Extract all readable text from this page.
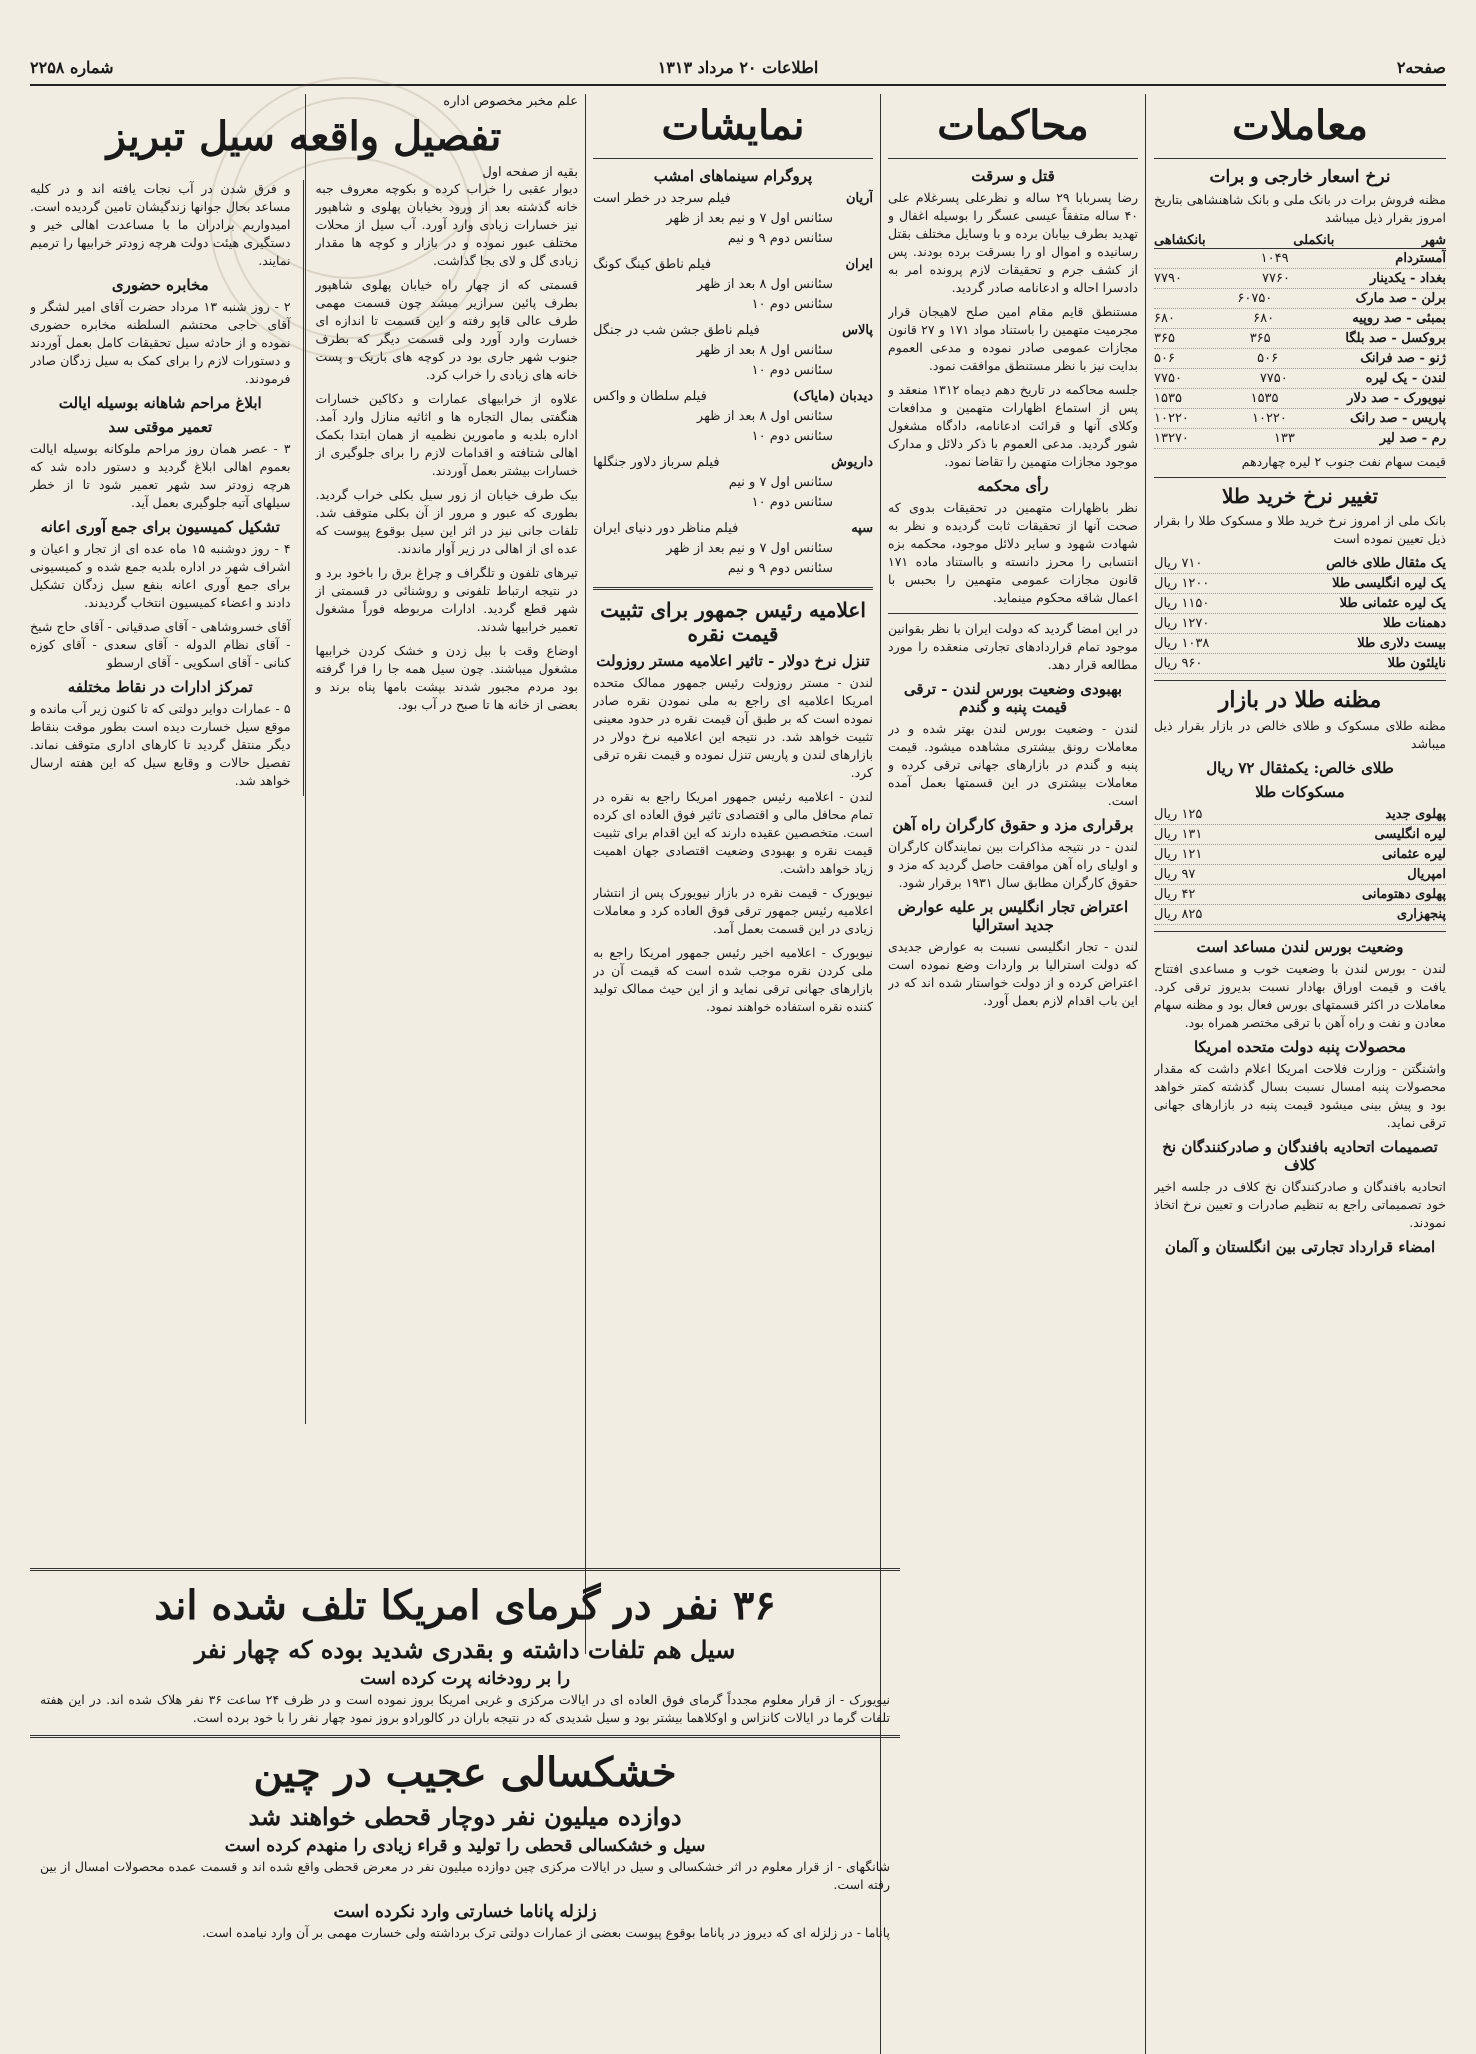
صفحه۲
اطلاعات ۲۰ مرداد ۱۳۱۳
شماره ۲۲۵۸
معاملات
نرخ اسعار خارجی و برات
مظنه فروش برات در بانک ملی و بانک شاهنشاهی بتاریخ امروز بقرار ذیل میباشد
شهر
بانکملی
بانکشاهی
آمستردام
۱۰۴۹
بغداد - یکدینار
۷۷۶۰
۷۷۹۰
برلن - صد مارک
۶۰۷۵۰
بمبئی - صد روپیه
۶۸۰
۶۸۰
بروکسل - صد بلگا
۳۶۵
۳۶۵
ژنو - صد فرانک
۵۰۶
۵۰۶
لندن - یک لیره
۷۷۵۰
۷۷۵۰
نیویورک - صد دلار
۱۵۳۵
۱۵۳۵
پاریس - صد رانک
۱۰۲۲۰
۱۰۲۲۰
رم - صد لیر
۱۳۳
۱۳۲۷۰
قیمت سهام نفت جنوب ۲ لیره چهاردهم
تغییر نرخ خرید طلا
بانک ملی از امروز نرخ خرید طلا و مسکوک طلا را بقرار ذیل تعیین نموده است
یک مثقال طلای خالص
۷۱۰ ریال
یک لیره انگلیسی طلا
۱۲۰۰ ریال
یک لیره عثمانی طلا
۱۱۵۰ ریال
دهمنات طلا
۱۲۷۰ ریال
بیست دلاری طلا
۱۰۳۸ ریال
نایلئون طلا
۹۶۰ ریال
مظنه طلا در بازار
مظنه طلای مسکوک و طلای خالص در بازار بقرار ذیل میباشد
طلای خالص: یکمثقال ۷۲ ریال
مسکوکات طلا
پهلوی جدید
۱۲۵ ریال
لیره انگلیسی
۱۳۱ ریال
لیره عثمانی
۱۲۱ ریال
امپریال
۹۷ ریال
پهلوی دهتومانی
۴۲ ریال
پنجهزاری
۸۲۵ ریال
وضعیت بورس لندن مساعد است
لندن - بورس لندن با وضعیت خوب و مساعدی افتتاح یافت و قیمت اوراق بهادار نسبت بدیروز ترقی کرد. معاملات در اکثر قسمتهای بورس فعال بود و مظنه سهام معادن و نفت و راه آهن با ترقی مختصر همراه بود.
محصولات پنبه دولت متحده امریکا
واشنگتن - وزارت فلاحت امریکا اعلام داشت که مقدار محصولات پنبه امسال نسبت بسال گذشته کمتر خواهد بود و پیش بینی میشود قیمت پنبه در بازارهای جهانی ترقی نماید.
تصمیمات اتحادیه بافندگان و صادرکنندگان نخ کلاف
اتحادیه بافندگان و صادرکنندگان نخ کلاف در جلسه اخیر خود تصمیماتی راجع به تنظیم صادرات و تعیین نرخ اتخاذ نمودند.
امضاء قرارداد تجارتی بین انگلستان و آلمان
محاکمات
قتل و سرقت
رضا پسربابا ۲۹ ساله و نظرعلی پسرغلام علی ۴۰ ساله متفقاً عیسی عسگر را بوسیله اغفال و تهدید بطرف بیابان برده و با وسایل مختلف بقتل رسانیده و اموال او را بسرقت برده بودند. پس از کشف جرم و تحقیقات لازم پرونده امر به دادسرا احاله و ادعانامه صادر گردید.
مستنطق قایم مقام امین صلح لاهیجان قرار مجرمیت متهمین را باستناد مواد ۱۷۱ و ۲۷ قانون مجازات عمومی صادر نموده و مدعی العموم بدایت نیز با نظر مستنطق موافقت نمود.
جلسه محاکمه در تاریخ دهم دیماه ۱۳۱۲ منعقد و پس از استماع اظهارات متهمین و مدافعات وکلای آنها و قرائت ادعانامه، دادگاه مشغول شور گردید. مدعی العموم با ذکر دلائل و مدارک موجود مجازات متهمین را تقاضا نمود.
رأی محکمه
نظر باظهارات متهمین در تحقیقات بدوی که صحت آنها از تحقیقات ثابت گردیده و نظر به شهادت شهود و سایر دلائل موجود، محکمه بزه انتسابی را محرز دانسته و بااستناد ماده ۱۷۱ قانون مجازات عمومی متهمین را بحبس با اعمال شاقه محکوم مینماید.
در این امضا گردید که دولت ایران با نظر بقوانین موجود تمام قراردادهای تجارتی منعقده را مورد مطالعه قرار دهد.
بهبودی وضعیت بورس لندن - ترقی قیمت پنبه و گندم
لندن - وضعیت بورس لندن بهتر شده و در معاملات رونق بیشتری مشاهده میشود. قیمت پنبه و گندم در بازارهای جهانی ترقی کرده و معاملات بیشتری در این قسمتها بعمل آمده است.
برقراری مزد و حقوق کارگران راه آهن
لندن - در نتیجه مذاکرات بین نمایندگان کارگران و اولیای راه آهن موافقت حاصل گردید که مزد و حقوق کارگران مطابق سال ۱۹۳۱ برقرار شود.
اعتراض تجار انگلیس بر علیه عوارض جدید استرالیا
لندن - تجار انگلیسی نسبت به عوارض جدیدی که دولت استرالیا بر واردات وضع نموده است اعتراض کرده و از دولت خواستار شده اند که در این باب اقدام لازم بعمل آورد.
نمایشات
پروگرام سینماهای امشب
آریان
فیلم سرجد در خطر است
سئانس اول ۷ و نیم بعد از ظهر
سئانس دوم ۹ و نیم
ایران
فیلم ناطق کینگ کونگ
سئانس اول ۸ بعد از ظهر
سئانس دوم ۱۰
پالاس
فیلم ناطق جشن شب در جنگل
سئانس اول ۸ بعد از ظهر
سئانس دوم ۱۰
دیدبان (مایاک)
فیلم سلطان و واکس
سئانس اول ۸ بعد از ظهر
سئانس دوم ۱۰
داریوش
فیلم سرباز دلاور جنگلها
سئانس اول ۷ و نیم
سئانس دوم ۱۰
سپه
فیلم مناظر دور دنیای ایران
سئانس اول ۷ و نیم بعد از ظهر
سئانس دوم ۹ و نیم
اعلامیه رئیس جمهور برای تثبیت قیمت نقره
تنزل نرخ دولار - تاثیر اعلامیه مستر روزولت
لندن - مستر روزولت رئیس جمهور ممالک متحده امریکا اعلامیه ای راجع به ملی نمودن نقره صادر نموده است که بر طبق آن قیمت نقره در حدود معینی تثبیت خواهد شد. در نتیجه این اعلامیه نرخ دولار در بازارهای لندن و پاریس تنزل نموده و قیمت نقره ترقی کرد.
لندن - اعلامیه رئیس جمهور امریکا راجع به نقره در تمام محافل مالی و اقتصادی تاثیر فوق العاده ای کرده است. متخصصین عقیده دارند که این اقدام برای تثبیت قیمت نقره و بهبودی وضعیت اقتصادی جهان اهمیت زیاد خواهد داشت.
نیویورک - قیمت نقره در بازار نیویورک پس از انتشار اعلامیه رئیس جمهور ترقی فوق العاده کرد و معاملات زیادی در این قسمت بعمل آمد.
نیویورک - اعلامیه اخیر رئیس جمهور امریکا راجع به ملی کردن نقره موجب شده است که قیمت آن در بازارهای جهانی ترقی نماید و از این حیث ممالک تولید کننده نقره استفاده خواهند نمود.
علم مخبر مخصوص اداره
تفصیل واقعه سیل تبریز
بقیه از صفحه اول
دیوار عقبی را خراب کرده و بکوچه معروف جبه خانه گذشته بعد از ورود بخیابان پهلوی و شاهپور نیز خسارات زیادی وارد آورد. آب سیل از محلات مختلف عبور نموده و در بازار و کوچه ها مقدار زیادی گل و لای بجا گذاشت.
قسمتی که از چهار راه خیابان پهلوی شاهپور بطرف پائین سرازیر میشد چون قسمت مهمی طرف عالی قاپو رفته و این قسمت تا اندازه ای خسارت وارد آورد ولی قسمت دیگر که بطرف جنوب شهر جاری بود در کوچه های باریک و پست خانه های زیادی را خراب کرد.
علاوه از خرابیهای عمارات و دکاکین خسارات هنگفتی بمال التجاره ها و اثاثیه منازل وارد آمد. اداره بلدیه و مامورین نظمیه از همان ابتدا بکمک اهالی شتافته و اقدامات لازم را برای جلوگیری از خسارات بیشتر بعمل آوردند.
بیک طرف خیابان از زور سیل بکلی خراب گردید. بطوری که عبور و مرور از آن بکلی متوقف شد. تلفات جانی نیز در اثر این سیل بوقوع پیوست که عده ای از اهالی در زیر آوار ماندند.
تیرهای تلفون و تلگراف و چراغ برق را باخود برد و در نتیجه ارتباط تلفونی و روشنائی در قسمتی از شهر قطع گردید. ادارات مربوطه فوراً مشغول تعمیر خرابیها شدند.
اوضاع وقت با بیل زدن و خشک کردن خرابیها مشغول میباشند. چون سیل همه جا را فرا گرفته بود مردم مجبور شدند بپشت بامها پناه برند و بعضی از خانه ها تا صبح در آب بود.
و فرق شدن در آب نجات یافته اند و در کلیه مساعد بحال جوانها زندگیشان تامین گردیده است. امیدواریم برادران ما با مساعدت اهالی خیر و دستگیری هیئت دولت هرچه زودتر خرابیها را ترمیم نمایند.
مخابره حضوری
۲ - روز شنبه ۱۳ مرداد حضرت آقای امیر لشگر و آقای حاجی محتشم السلطنه مخابره حضوری نموده و از حادثه سیل تحقیقات کامل بعمل آوردند و دستورات لازم را برای کمک به سیل زدگان صادر فرمودند.
ابلاغ مراحم شاهانه بوسیله ایالت
تعمیر موقتی سد
۳ - عصر همان روز مراحم ملوکانه بوسیله ایالت بعموم اهالی ابلاغ گردید و دستور داده شد که هرچه زودتر سد شهر تعمیر شود تا از خطر سیلهای آتیه جلوگیری بعمل آید.
تشکیل کمیسیون برای جمع آوری اعانه
۴ - روز دوشنبه ۱۵ ماه عده ای از تجار و اعیان و اشراف شهر در اداره بلدیه جمع شده و کمیسیونی برای جمع آوری اعانه بنفع سیل زدگان تشکیل دادند و اعضاء کمیسیون انتخاب گردیدند.
آقای خسروشاهی - آقای صدقیانی - آقای حاج شیخ - آقای نظام الدوله - آقای سعدی - آقای کوزه کنانی - آقای اسکویی - آقای ارسطو
تمرکز ادارات در نقاط مختلفه
۵ - عمارات دوایر دولتی که تا کنون زیر آب مانده و موقع سیل خسارت دیده است بطور موقت بنقاط دیگر منتقل گردید تا کارهای اداری متوقف نماند. تفصیل حالات و وقایع سیل که این هفته ارسال خواهد شد.
۳۶ نفر در گرمای امریکا تلف شده اند
سیل هم تلفات داشته و بقدری شدید بوده که چهار نفر
را بر رودخانه پرت کرده است
نیویورک - از قرار معلوم مجدداً گرمای فوق العاده ای در ایالات مرکزی و غربی امریکا بروز نموده است و در ظرف ۲۴ ساعت ۳۶ نفر هلاک شده اند. در این هفته تلفات گرما در ایالات کانزاس و اوکلاهما بیشتر بود و سیل شدیدی که در نتیجه باران در کالورادو بروز نمود چهار نفر را با خود برده است.
خشکسالی عجیب در چین
دوازده میلیون نفر دوچار قحطی خواهند شد
سیل و خشکسالی قحطی را تولید و قراء زیادی را منهدم کرده است
شانگهای - از قرار معلوم در اثر خشکسالی و سیل در ایالات مرکزی چین دوازده میلیون نفر در معرض قحطی واقع شده اند و قسمت عمده محصولات امسال از بین رفته است.
زلزله پاناما خسارتی وارد نکرده است
پاناما - در زلزله ای که دیروز در پاناما بوقوع پیوست بعضی از عمارات دولتی ترک برداشته ولی خسارت مهمی بر آن وارد نیامده است.
